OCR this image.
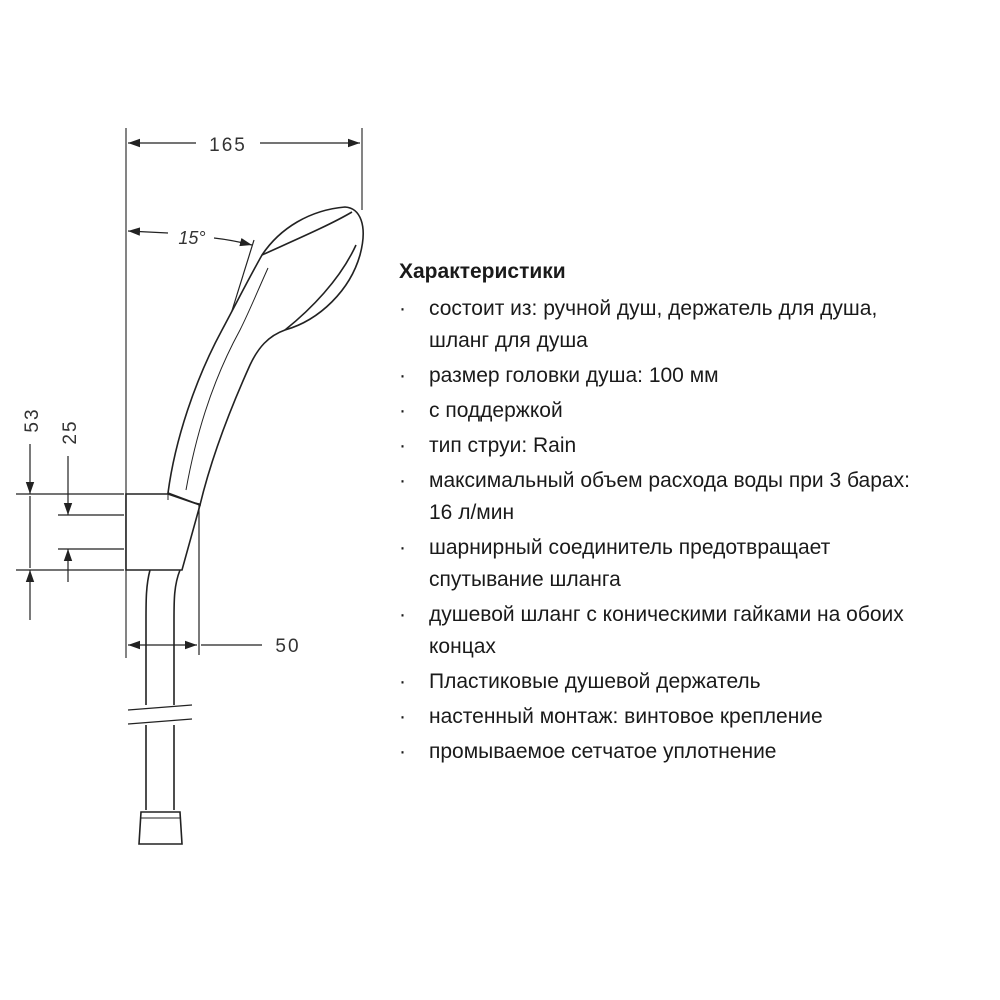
165
15°
53 25
50
Характеристики
·	состоит из: ручной душ, держатель для душа,
шланг для душа
·	размер головки душа: 100 мм
·	с поддержкой
·	тип струи: Rain
·	максимальный объем расхода воды при 3 барах:
16 л/мин
·	шарнирный соединитель предотвращает
спутывание шланга
·	душевой шланг с коническими гайками на обоих
концах
·	Пластиковые душевой держатель
·	настенный монтаж: винтовое крепление
·	промываемое сетчатое уплотнение
